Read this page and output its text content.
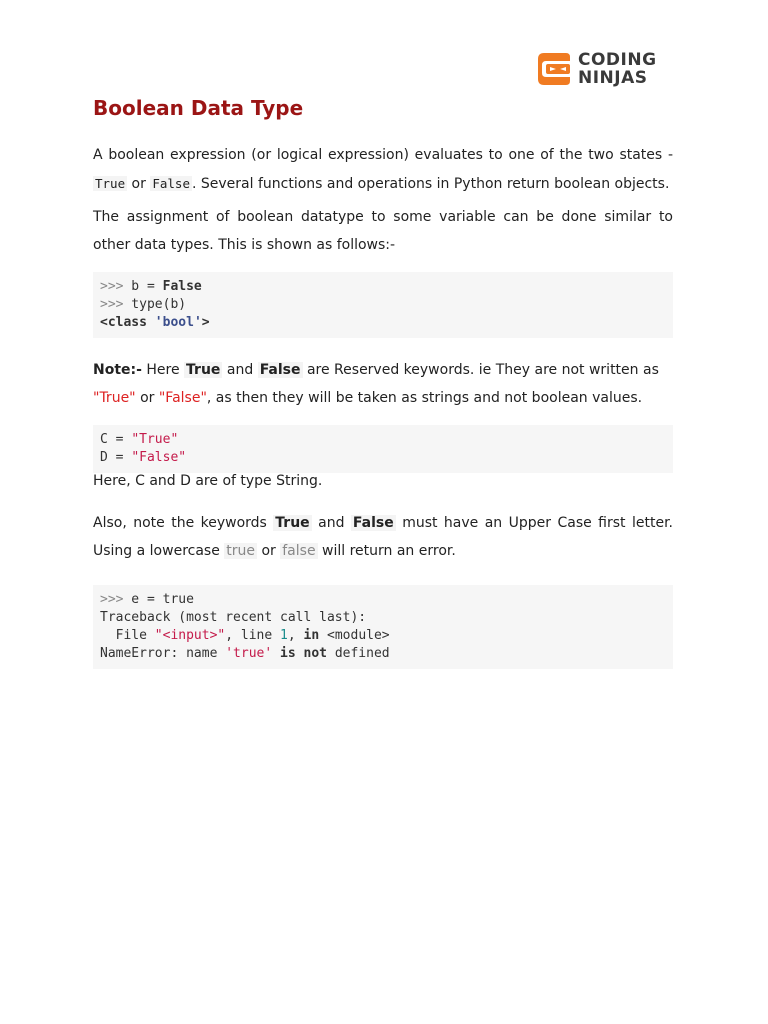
CODING
NINJAS
Boolean Data Type

A boolean expression (or logical expression) evaluates to one of the two states - True or False . Several functions and operations in Python return boolean objects.

The assignment of boolean datatype to some variable can be done similar to other data types. This is shown as follows:-

>>> b = False
>>> type(b)
<class 'bool'>

Note:- Here True and False are Reserved keywords. ie They are not written as "True" or "False", as then they will be taken as strings and not boolean values.

C = "True"
D = "False"

Here, C and D are of type String.

Also, note the keywords True and False must have an Upper Case first letter. Using a lowercase true or false will return an error.

>>> e = true
Traceback (most recent call last):
File "<input>", line 1, in <module>
NameError: name 'true' is not defined
